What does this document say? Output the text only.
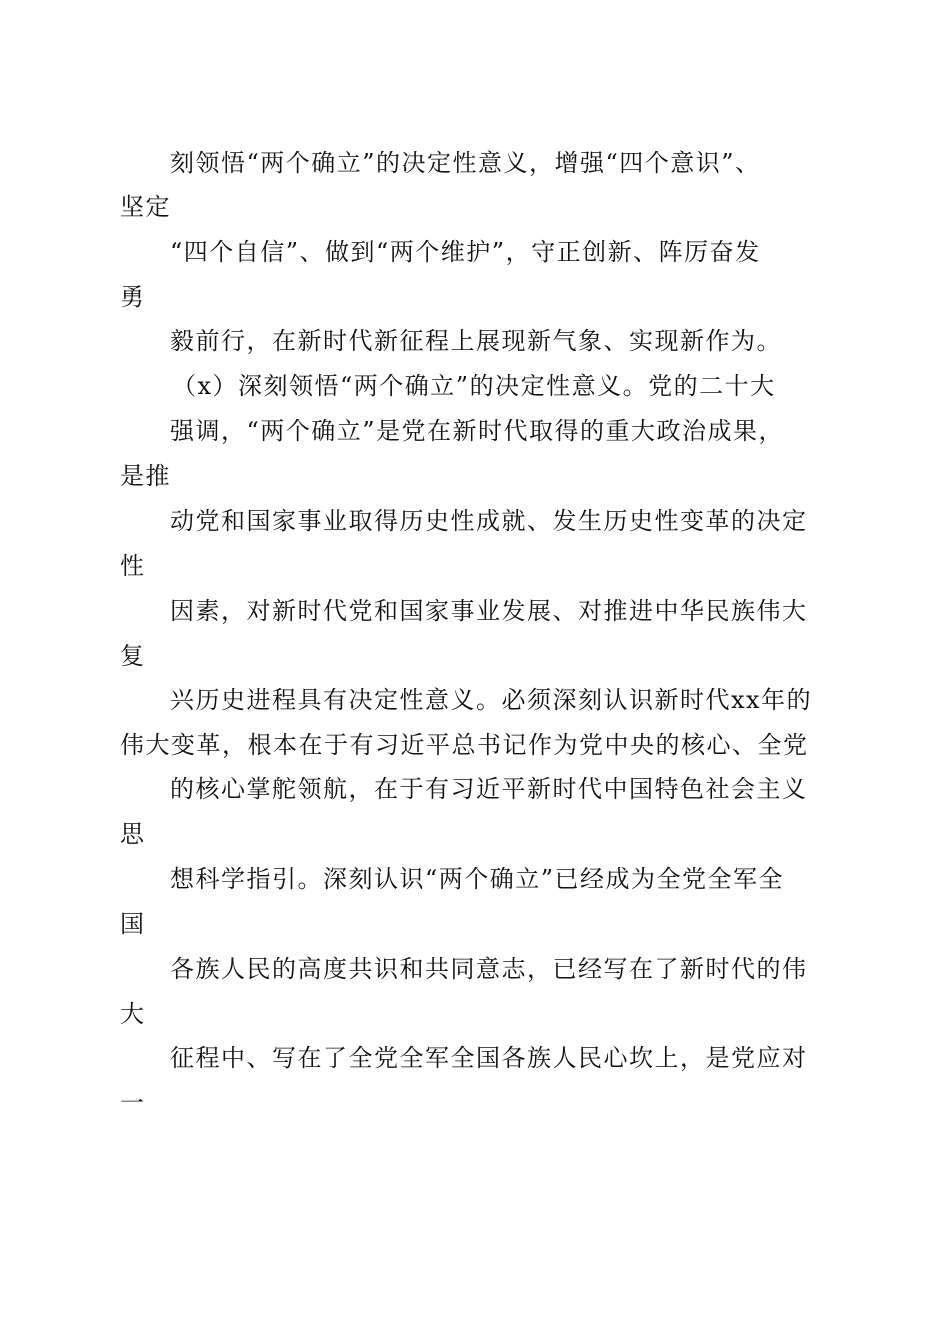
刻领悟“两个确立”的决定性意义，增强“四个意识”、
坚定
“四个自信”、做到“两个维护”，守正创新、阵厉奋发
勇
毅前行，在新时代新征程上展现新气象、实现新作为。
（x）深刻领悟“两个确立”的决定性意义。党的二十大
强调，“两个确立”是党在新时代取得的重大政治成果，
是推
动党和国家事业取得历史性成就、发生历史性变革的决定
性
因素，对新时代党和国家事业发展、对推进中华民族伟大
复
兴历史进程具有决定性意义。必须深刻认识新时代xx年的
伟大变革，根本在于有习近平总书记作为党中央的核心、全党
的核心掌舵领航，在于有习近平新时代中国特色社会主义
思
想科学指引。深刻认识“两个确立”已经成为全党全军全
国
各族人民的高度共识和共同意志，已经写在了新时代的伟
大
征程中、写在了全党全军全国各族人民心坎上，是党应对
一
